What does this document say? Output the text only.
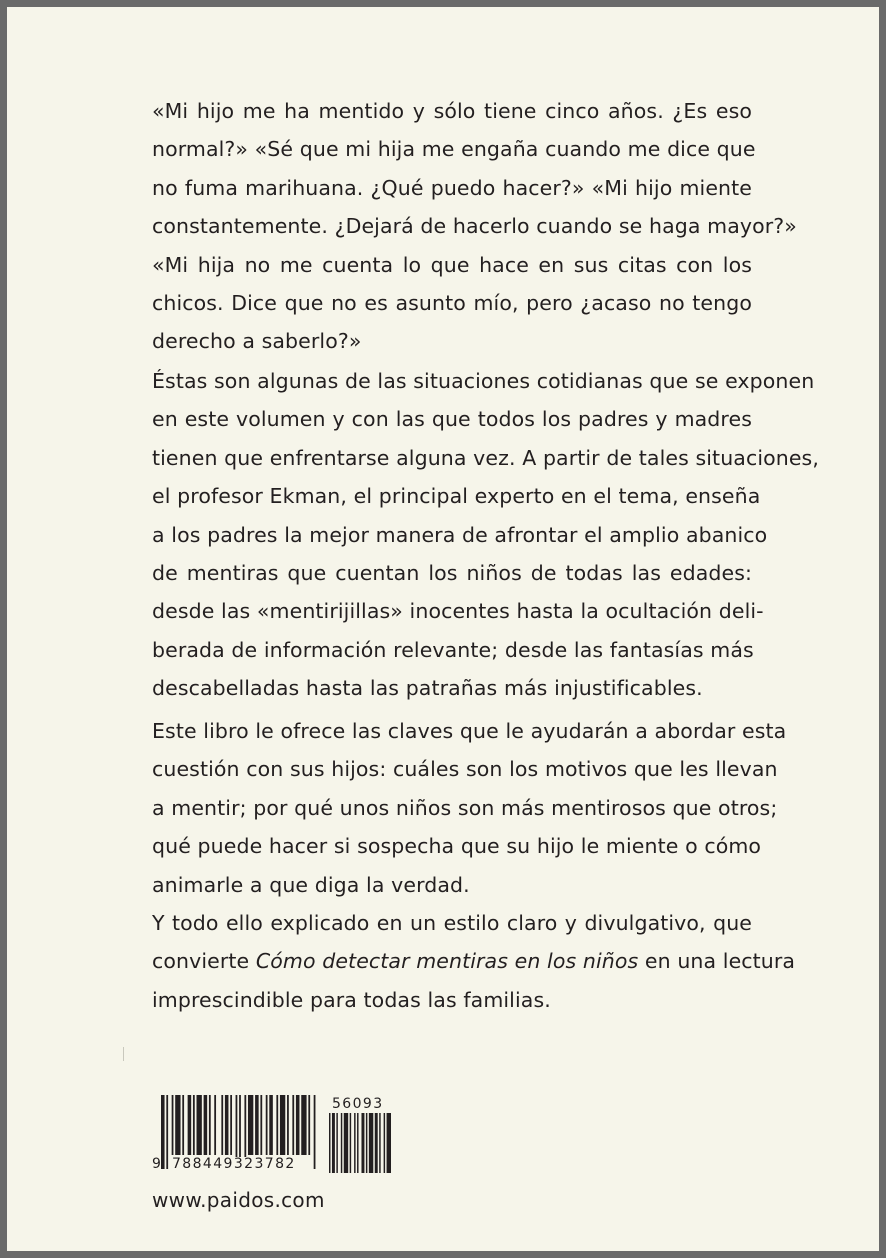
«Mi hijo me ha mentido y sólo tiene cinco años. ¿Es eso
normal?» «Sé que mi hija me engaña cuando me dice que
no fuma marihuana. ¿Qué puedo hacer?» «Mi hijo miente
constantemente. ¿Dejará de hacerlo cuando se haga mayor?»
«Mi hija no me cuenta lo que hace en sus citas con los
chicos. Dice que no es asunto mío, pero ¿acaso no tengo
derecho a saberlo?»
Éstas son algunas de las situaciones cotidianas que se exponen
en este volumen y con las que todos los padres y madres
tienen que enfrentarse alguna vez. A partir de tales situaciones,
el profesor Ekman, el principal experto en el tema, enseña
a los padres la mejor manera de afrontar el amplio abanico
de mentiras que cuentan los niños de todas las edades:
desde las «mentirijillas» inocentes hasta la ocultación deli-
berada de información relevante; desde las fantasías más
descabelladas hasta las patrañas más injustificables.
Este libro le ofrece las claves que le ayudarán a abordar esta
cuestión con sus hijos: cuáles son los motivos que les llevan
a mentir; por qué unos niños son más mentirosos que otros;
qué puede hacer si sospecha que su hijo le miente o cómo
animarle a que diga la verdad.
Y todo ello explicado en un estilo claro y divulgativo, que
convierte Cómo detectar mentiras en los niños en una lectura
imprescindible para todas las familias.
9 788449323782
56093
www.paidos.com
